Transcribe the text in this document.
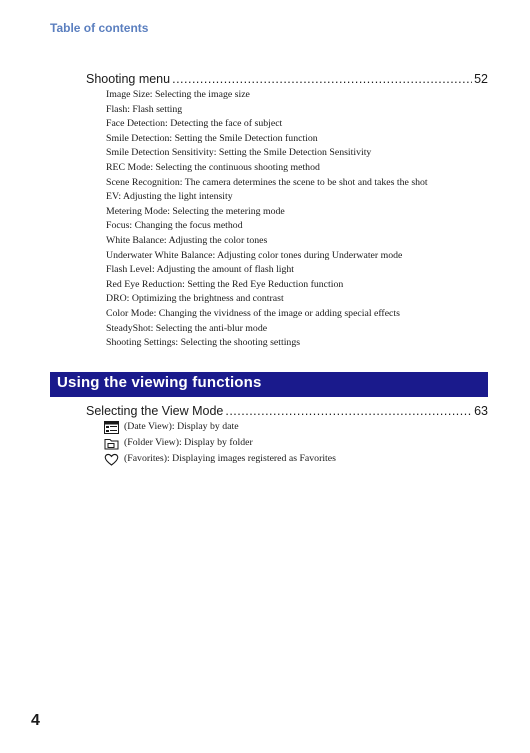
Table of contents
Shooting menu .....	52
Image Size: Selecting the image size
Flash: Flash setting
Face Detection: Detecting the face of subject
Smile Detection: Setting the Smile Detection function
Smile Detection Sensitivity: Setting the Smile Detection Sensitivity
REC Mode: Selecting the continuous shooting method
Scene Recognition: The camera determines the scene to be shot and takes the shot
EV: Adjusting the light intensity
Metering Mode: Selecting the metering mode
Focus: Changing the focus method
White Balance: Adjusting the color tones
Underwater White Balance: Adjusting color tones during Underwater mode
Flash Level: Adjusting the amount of flash light
Red Eye Reduction: Setting the Red Eye Reduction function
DRO: Optimizing the brightness and contrast
Color Mode: Changing the vividness of the image or adding special effects
SteadyShot: Selecting the anti-blur mode
Shooting Settings: Selecting the shooting settings
Using the viewing functions
Selecting the View Mode .....	63
(Date View): Display by date
(Folder View): Display by folder
(Favorites): Displaying images registered as Favorites
4
